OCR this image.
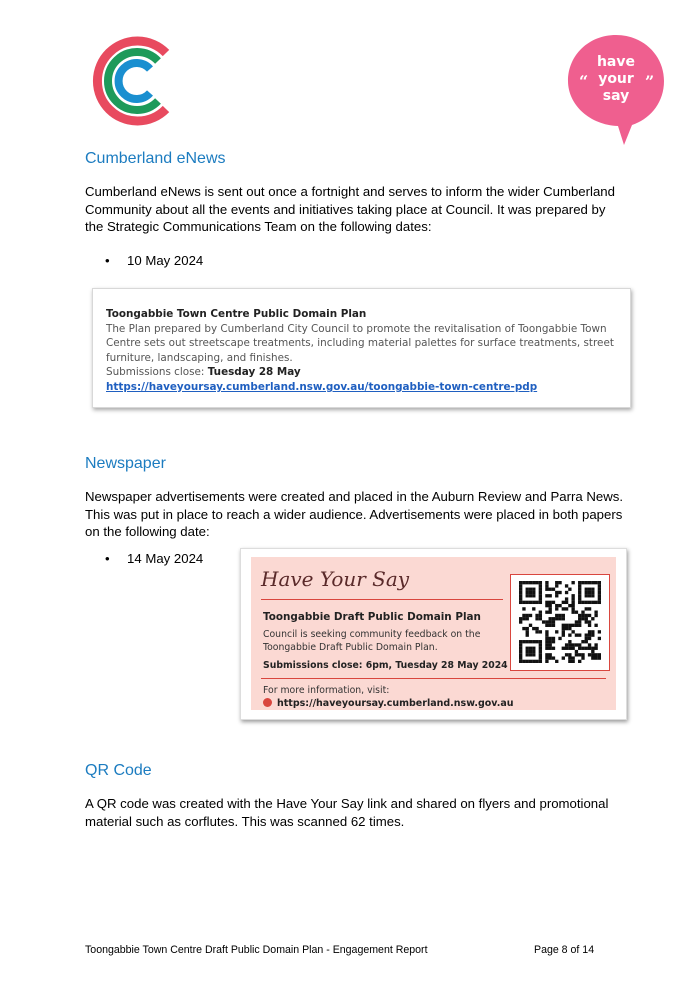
“	”
have
your
say
Cumberland eNews
Cumberland eNews is sent out once a fortnight and serves to inform the wider Cumberland Community about all the events and initiatives taking place at Council. It was prepared by the Strategic Communications Team on the following dates:
• 10 May 2024
Toongabbie Town Centre Public Domain Plan
The Plan prepared by Cumberland City Council to promote the revitalisation of Toongabbie Town Centre sets out streetscape treatments, including material palettes for surface treatments, street furniture, landscaping, and finishes.
Submissions close: Tuesday 28 May
https://haveyoursay.cumberland.nsw.gov.au/toongabbie-town-centre-pdp
Newspaper
Newspaper advertisements were created and placed in the Auburn Review and Parra News. This was put in place to reach a wider audience. Advertisements were placed in both papers on the following date:
• 14 May 2024
Have Your Say
Toongabbie Draft Public Domain Plan
Council is seeking community feedback on the Toongabbie Draft Public Domain Plan.
Submissions close: 6pm, Tuesday 28 May 2024
For more information, visit:
https://haveyoursay.cumberland.nsw.gov.au
QR Code
A QR code was created with the Have Your Say link and shared on flyers and promotional material such as corflutes. This was scanned 62 times.
Toongabbie Town Centre Draft Public Domain Plan - Engagement Report	Page 8 of 14
